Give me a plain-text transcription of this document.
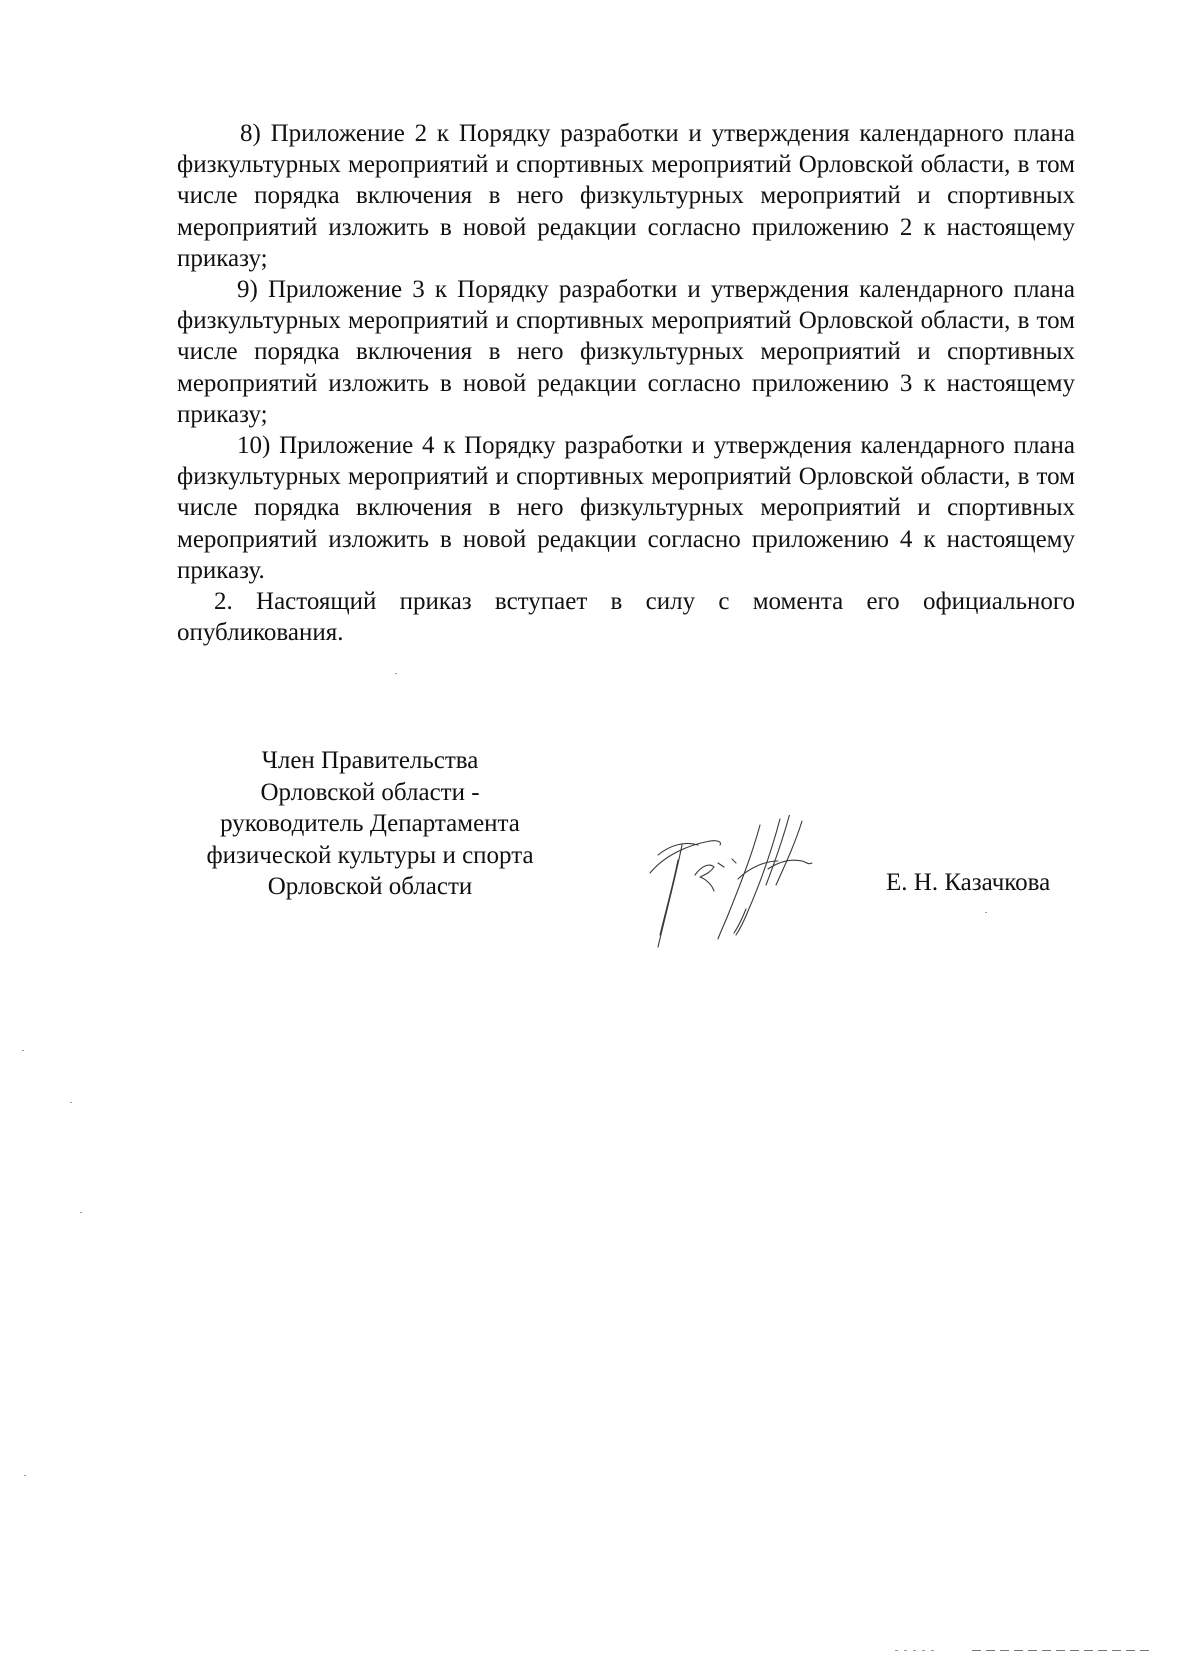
8) Приложение 2 к Порядку разработки и утверждения календарного плана физкультурных мероприятий и спортивных мероприятий Орловской области, в том числе порядка включения в него физкультурных мероприятий и спортивных мероприятий изложить в новой редакции согласно приложению 2 к настоящему приказу;

9) Приложение 3 к Порядку разработки и утверждения календарного плана физкультурных мероприятий и спортивных мероприятий Орловской области, в том числе порядка включения в него физкультурных мероприятий и спортивных мероприятий изложить в новой редакции согласно приложению 3 к настоящему приказу;

10) Приложение 4 к Порядку разработки и утверждения календарного плана физкультурных мероприятий и спортивных мероприятий Орловской области, в том числе порядка включения в него физкультурных мероприятий и спортивных мероприятий изложить в новой редакции согласно приложению 4 к настоящему приказу.

2. Настоящий приказ вступает в силу с момента его официального опубликования.

Член Правительства
Орловской области -
руководитель Департамента
физической культуры и спорта
Орловской области	Е. Н. Казачкова
